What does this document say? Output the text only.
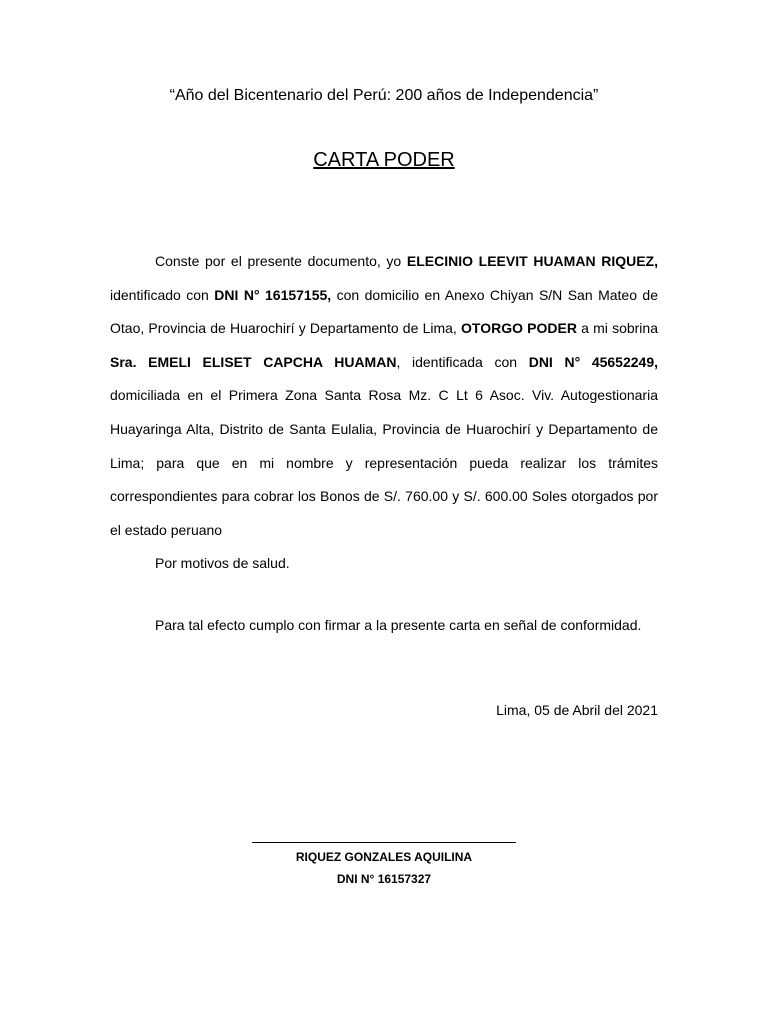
“Año del Bicentenario del Perú: 200 años de Independencia”
CARTA PODER

Conste por el presente documento, yo ELECINIO LEEVIT HUAMAN RIQUEZ, identificado con DNI N° 16157155, con domicilio en Anexo Chiyan S/N San Mateo de Otao, Provincia de Huarochirí y Departamento de Lima, OTORGO PODER a mi sobrina Sra. EMELI ELISET CAPCHA HUAMAN, identificada con DNI N° 45652249, domiciliada en el Primera Zona Santa Rosa Mz. C Lt 6 Asoc. Viv. Autogestionaria Huayaringa Alta, Distrito de Santa Eulalia, Provincia de Huarochirí y Departamento de Lima; para que en mi nombre y representación pueda realizar los trámites correspondientes para cobrar los Bonos de S/. 760.00 y S/. 600.00 Soles otorgados por el estado peruano

Por motivos de salud.

Para tal efecto cumplo con firmar a la presente carta en señal de conformidad.

Lima, 05 de Abril del 2021

RIQUEZ GONZALES AQUILINA
DNI N° 16157327
